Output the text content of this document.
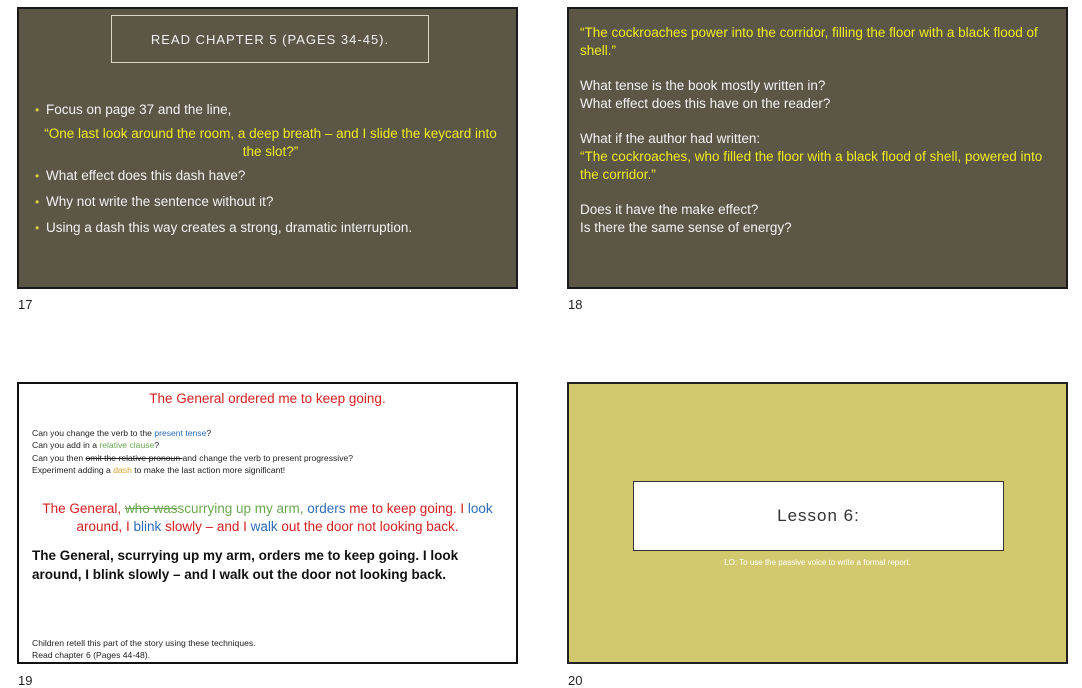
READ CHAPTER 5 (PAGES 34-45).
• Focus on page 37 and the line,
“One last look around the room, a deep breath – and I slide the keycard into the slot?”
• What effect does this dash have?
• Why not write the sentence without it?
• Using a dash this way creates a strong, dramatic interruption.
17

“The cockroaches power into the corridor, filling the floor with a black flood of shell.”

What tense is the book mostly written in?
What effect does this have on the reader?

What if the author had written:
“The cockroaches, who filled the floor with a black flood of shell, powered into the corridor.”

Does it have the make effect?
Is there the same sense of energy?

18
The General ordered me to keep going.
Can you change the verb to the present tense?
Can you add in a relative clause?
Can you then omit the relative pronoun and change the verb to present progressive?
Experiment adding a dash to make the last action more significant!
The General, who wasscurrying up my arm, orders me to keep going. I look around, I blink slowly – and I walk out the door not looking back.
The General, scurrying up my arm, orders me to keep going. I look around, I blink slowly – and I walk out the door not looking back.
Children retell this part of the story using these techniques.
Read chapter 6 (Pages 44-48).
19
Lesson 6:
LO: To use the passive voice to write a formal report.
20
